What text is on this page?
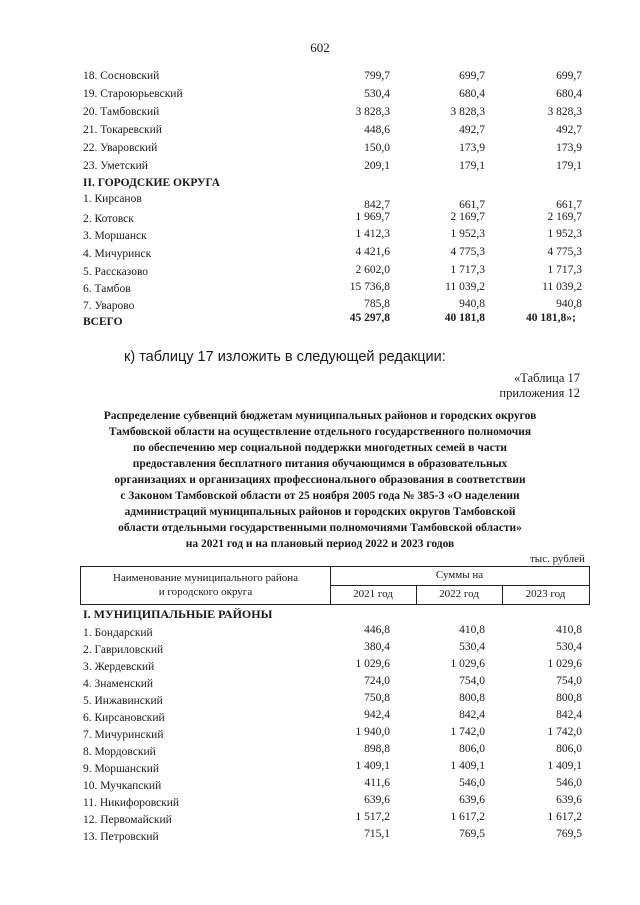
602
18. Сосновский	799,7	699,7	699,7
19. Староюрьевский	530,4	680,4	680,4
20. Тамбовский	3 828,3	3 828,3	3 828,3
21. Токаревский	448,6	492,7	492,7
22. Уваровский	150,0	173,9	173,9
23. Уметский	209,1	179,1	179,1
II. ГОРОДСКИЕ ОКРУГА
1. Кирсанов	842,7	661,7	661,7
2. Котовск	1 969,7	2 169,7	2 169,7
3. Моршанск	1 412,3	1 952,3	1 952,3
4. Мичуринск	4 421,6	4 775,3	4 775,3
5. Рассказово	2 602,0	1 717,3	1 717,3
6. Тамбов	15 736,8	11 039,2	11 039,2
7. Уварово	785,8	940,8	940,8
ВСЕГО	45 297,8	40 181,8	40 181,8»;
к) таблицу 17 изложить в следующей редакции:
«Таблица 17
приложения 12
Распределение субвенций бюджетам муниципальных районов и городских округов
Тамбовской области на осуществление отдельного государственного полномочия
по обеспечению мер социальной поддержки многодетных семей в части
предоставления бесплатного питания обучающимся в образовательных
организациях и организациях профессионального образования в соответствии
с Законом Тамбовской области от 25 ноября 2005 года № 385-З «О наделении
администраций муниципальных районов и городских округов Тамбовской
области отдельными государственными полномочиями Тамбовской области»
на 2021 год и на плановый период 2022 и 2023 годов
тыс. рублей
Наименование муниципального района
и городского округа
Суммы на
2021 год	2022 год	2023 год
I. МУНИЦИПАЛЬНЫЕ РАЙОНЫ
1. Бондарский	446,8	410,8	410,8
2. Гавриловский	380,4	530,4	530,4
3. Жердевский	1 029,6	1 029,6	1 029,6
4. Знаменский	724,0	754,0	754,0
5. Инжавинский	750,8	800,8	800,8
6. Кирсановский	942,4	842,4	842,4
7. Мичуринский	1 940,0	1 742,0	1 742,0
8. Мордовский	898,8	806,0	806,0
9. Моршанский	1 409,1	1 409,1	1 409,1
10. Мучкапский	411,6	546,0	546,0
11. Никифоровский	639,6	639,6	639,6
12. Первомайский	1 517,2	1 617,2	1 617,2
13. Петровский	715,1	769,5	769,5
